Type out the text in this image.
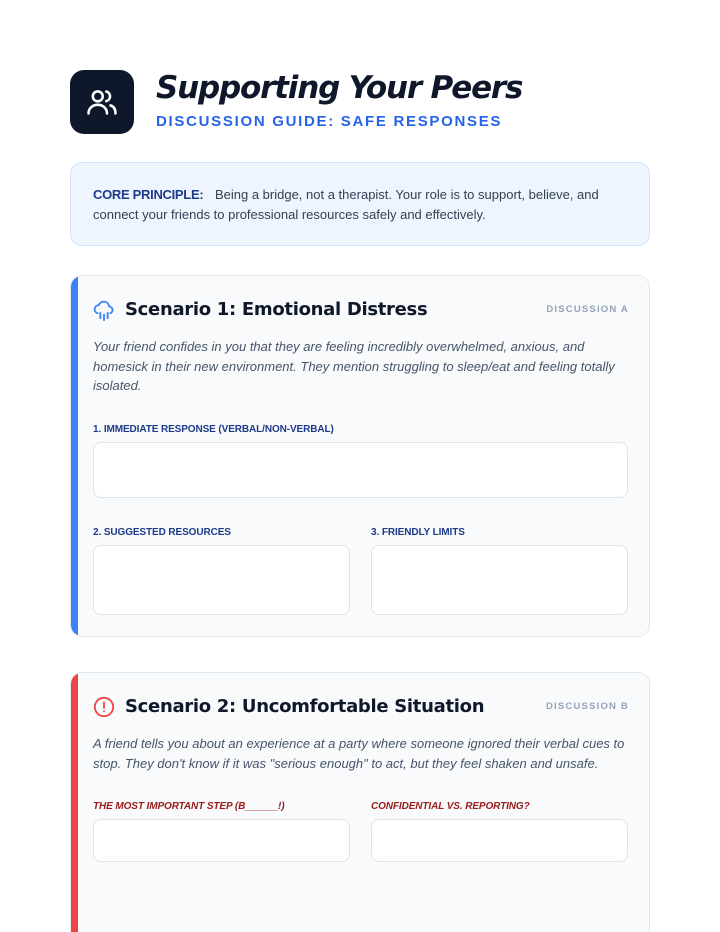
Supporting Your Peers
DISCUSSION GUIDE: SAFE RESPONSES
CORE PRINCIPLE: Being a bridge, not a therapist. Your role is to support, believe, and connect your friends to professional resources safely and effectively.
Scenario 1: Emotional Distress	DISCUSSION A
Your friend confides in you that they are feeling incredibly overwhelmed, anxious, and homesick in their new environment. They mention struggling to sleep/eat and feeling totally isolated.
1. IMMEDIATE RESPONSE (VERBAL/NON-VERBAL)
2. SUGGESTED RESOURCES	3. FRIENDLY LIMITS
Scenario 2: Uncomfortable Situation	DISCUSSION B
A friend tells you about an experience at a party where someone ignored their verbal cues to stop. They don't know if it was "serious enough" to act, but they feel shaken and unsafe.
THE MOST IMPORTANT STEP (B______!)	CONFIDENTIAL VS. REPORTING?
